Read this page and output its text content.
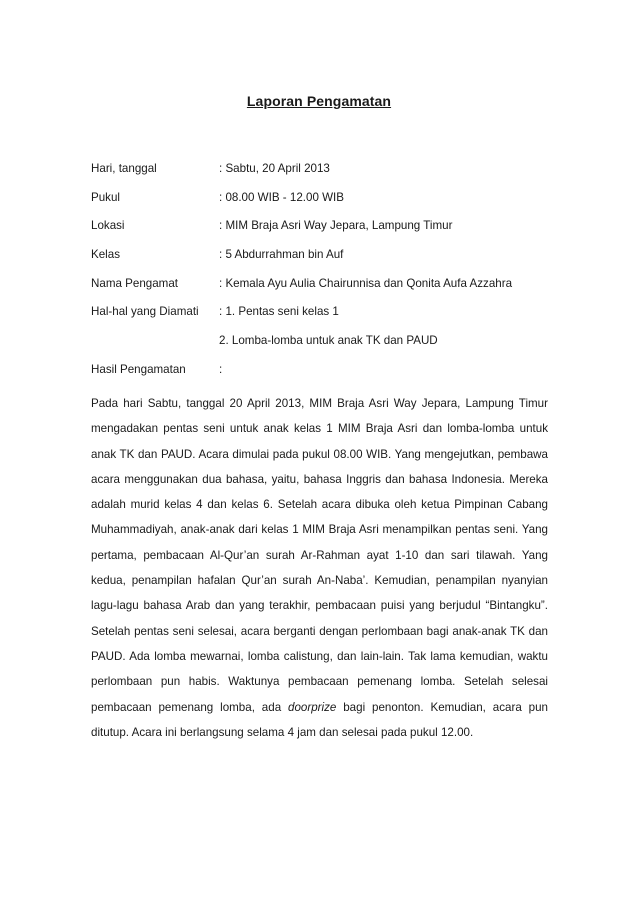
Laporan Pengamatan
Hari, tanggal	: Sabtu, 20 April 2013
Pukul	: 08.00 WIB - 12.00 WIB
Lokasi	: MIM Braja Asri Way Jepara, Lampung Timur
Kelas	: 5 Abdurrahman bin Auf
Nama Pengamat	: Kemala Ayu Aulia Chairunnisa dan Qonita Aufa Azzahra
Hal-hal yang Diamati	: 1. Pentas seni kelas 1
2. Lomba-lomba untuk anak TK dan PAUD
Hasil Pengamatan	:

Pada hari Sabtu, tanggal 20 April 2013, MIM Braja Asri Way Jepara, Lampung Timur mengadakan pentas seni untuk anak kelas 1 MIM Braja Asri dan lomba-lomba untuk anak TK dan PAUD. Acara dimulai pada pukul 08.00 WIB. Yang mengejutkan, pembawa acara menggunakan dua bahasa, yaitu, bahasa Inggris dan bahasa Indonesia. Mereka adalah murid kelas 4 dan kelas 6. Setelah acara dibuka oleh ketua Pimpinan Cabang Muhammadiyah, anak-anak dari kelas 1 MIM Braja Asri menampilkan pentas seni. Yang pertama, pembacaan Al-Qur’an surah Ar-Rahman ayat 1-10 dan sari tilawah. Yang kedua, penampilan hafalan Qur’an surah An-Naba’. Kemudian, penampilan nyanyian lagu-lagu bahasa Arab dan yang terakhir, pembacaan puisi yang berjudul “Bintangku”. Setelah pentas seni selesai, acara berganti dengan perlombaan bagi anak-anak TK dan PAUD. Ada lomba mewarnai, lomba calistung, dan lain-lain. Tak lama kemudian, waktu perlombaan pun habis. Waktunya pembacaan pemenang lomba. Setelah selesai pembacaan pemenang lomba, ada doorprize bagi penonton. Kemudian, acara pun ditutup. Acara ini berlangsung selama 4 jam dan selesai pada pukul 12.00.
